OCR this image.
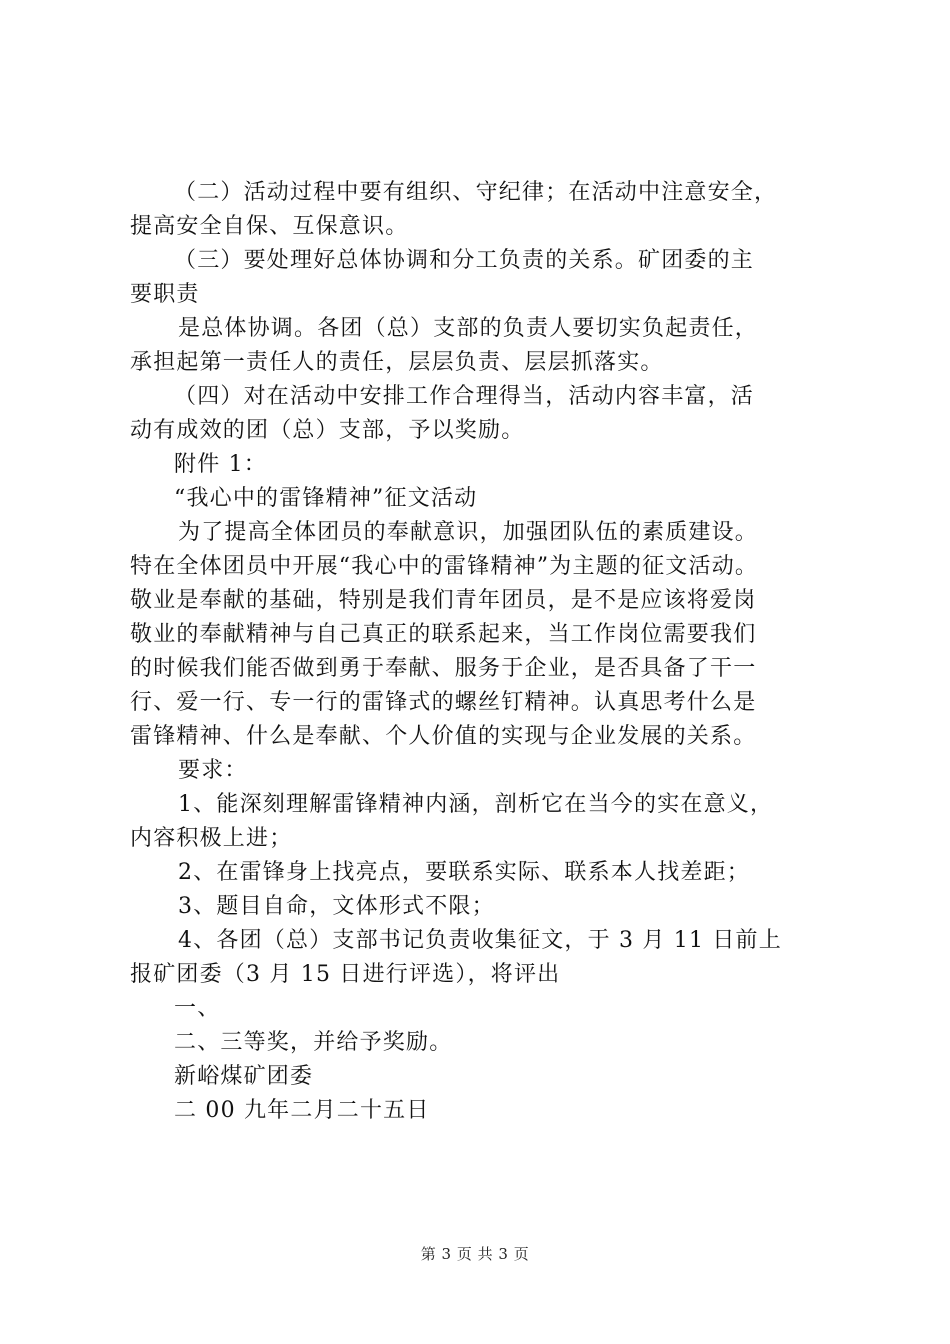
（二）活动过程中要有组织、守纪律；在活动中注意安全，
提高安全自保、互保意识。
（三）要处理好总体协调和分工负责的关系。矿团委的主
要职责
是总体协调。各团（总）支部的负责人要切实负起责任，
承担起第一责任人的责任，层层负责、层层抓落实。
（四）对在活动中安排工作合理得当，活动内容丰富，活
动有成效的团（总）支部，予以奖励。
附件 1：
“我心中的雷锋精神”征文活动
为了提高全体团员的奉献意识，加强团队伍的素质建设。
特在全体团员中开展“我心中的雷锋精神”为主题的征文活动。
敬业是奉献的基础，特别是我们青年团员，是不是应该将爱岗
敬业的奉献精神与自己真正的联系起来，当工作岗位需要我们
的时候我们能否做到勇于奉献、服务于企业，是否具备了干一
行、爱一行、专一行的雷锋式的螺丝钉精神。认真思考什么是
雷锋精神、什么是奉献、个人价值的实现与企业发展的关系。
要求：
1、能深刻理解雷锋精神内涵，剖析它在当今的实在意义，
内容积极上进；
2、在雷锋身上找亮点，要联系实际、联系本人找差距；
3、题目自命，文体形式不限；
4、各团（总）支部书记负责收集征文，于 3 月 11 日前上
报矿团委（3 月 15 日进行评选），将评出
一、
二、三等奖，并给予奖励。
新峪煤矿团委
二 00 九年二月二十五日
第 3 页 共 3 页
